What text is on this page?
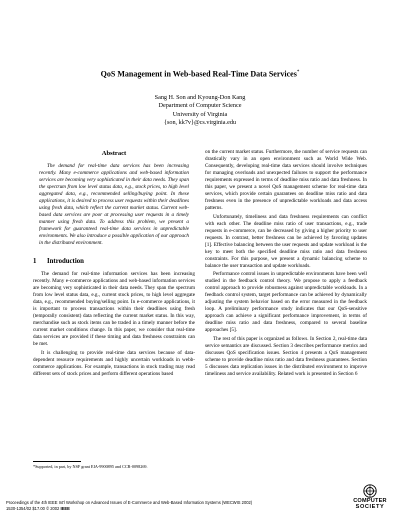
QoS Management in Web-based Real-Time Data Services*
Sang H. Son and Kyoung-Don Kang
Department of Computer Science
University of Virginia
{son, kk7v}@cs.virginia.edu
Abstract

The demand for real-time data services has been increasing recently. Many e-commerce applications and web-based information services are becoming very sophisticated in their data needs. They span the spectrum from low level status data, e.g., stock prices, to high level aggregated data, e.g., recommended selling/buying point. In these applications, it is desired to process user requests within their deadlines using fresh data, which reflect the current market status. Current web-based data services are poor at processing user requests in a timely manner using fresh data. To address this problem, we present a framework for guaranteed real-time data services in unpredictable environments. We also introduce a possible application of our approach in the distributed environment.

1 Introduction

The demand for real-time information services has been increasing recently. Many e-commerce applications and web-based information services are becoming very sophisticated in their data needs. They span the spectrum from low level status data, e.g., current stock prices, to high level aggregate data, e.g., recommended buying/selling point. In e-commerce applications, it is important to process transactions within their deadlines using fresh (temporally consistent) data reflecting the current market status. In this way, merchandise such as stock items can be traded in a timely manner before the current market conditions change. In this paper, we consider that real-time data services are provided if these timing and data freshness constraints can be met.

It is challenging to provide real-time data services because of data-dependent resource requirements and highly uncertain workloads in webb-commerce applications. For example, transactions in stock trading may read different sets of stock prices and perform different operations based

on the current market status. Furthermore, the number of service requests can drastically vary in an open environment such as World Wide Web. Consequently, developing real-time data services should involve techniques for managing overloads and unexpected failures to support the performance requirements expressed in terms of deadline miss ratio and data freshness. In this paper, we present a novel QoS management scheme for real-time data services, which provide certain guarantees on deadline miss ratio and data freshness even in the presence of unpredictable workloads and data access patterns.

Unfortunately, timeliness and data freshness requirements can conflict with each other. The deadline miss ratio of user transactions, e.g., trade requests in e-commerce, can be decreased by giving a higher priority to user requests. In contrast, better freshness can be achieved by favoring updates [1]. Effective balancing between the user requests and update workload is the key to meet both the specified deadline miss ratio and data freshness constraints. For this purpose, we present a dynamic balancing scheme to balance the user transaction and update workloads.

Performance control issues in unpredictable environments have been well studied in the feedback control theory. We propose to apply a feedback control approach to provide robustness against unpredictable workloads. In a feedback control system, target performance can be achieved by dynamically adjusting the system behavior based on the error measured in the feedback loop. A preliminary performance study indicates that our QoS-sensitive approach can achieve a significant performance improvement, in terms of deadline miss ratio and data freshness, compared to several baseline approaches [5].

The rest of this paper is organized as follows. In Section 2, real-time data service semantics are discussed. Section 3 describes performance metrics and discusses QoS specification issues. Section 4 presents a QoS management scheme to provide deadline miss ratio and data freshness guarantees. Section 5 discusses data replication issues in the distributed environment to improve timeliness and service availability. Related work is presented in Section 6

*Supported, in part, by NSF grant EIA-9900895 and CCR-0098269.
Proceedings of the 4th IEEE Int'l Workshop on Advanced Issues of E-Commerce and Web-Based Information Systems (WECWIS 2002)
1530-1354/02 $17.00 © 2002 IEEE
COMPUTER
SOCIETY
